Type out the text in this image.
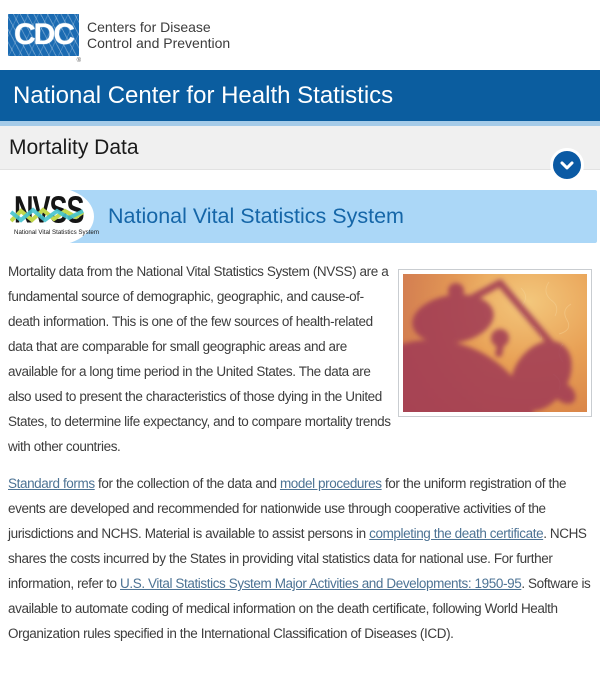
CDC
®
Centers for Disease
Control and Prevention
National Center for Health Statistics
Mortality Data
NVSS
National Vital Statistics System
National Vital Statistics System

Mortality data from the National Vital Statistics System (NVSS) are a fundamental source of demographic, geographic, and cause-of-death information. This is one of the few sources of health-related data that are comparable for small geographic areas and are available for a long time period in the United States. The data are also used to present the characteristics of those dying in the United States, to determine life expectancy, and to compare mortality trends with other countries.

Standard forms for the collection of the data and model procedures for the uniform registration of the events are developed and recommended for nationwide use through cooperative activities of the jurisdictions and NCHS. Material is available to assist persons in completing the death certificate. NCHS shares the costs incurred by the States in providing vital statistics data for national use. For further information, refer to U.S. Vital Statistics System Major Activities and Developments: 1950-95. Software is available to automate coding of medical information on the death certificate, following World Health Organization rules specified in the International Classification of Diseases (ICD).
